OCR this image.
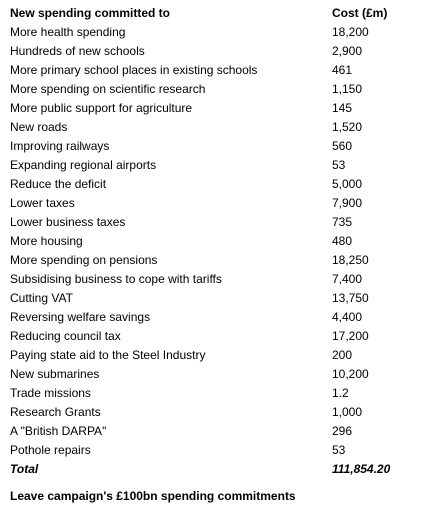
New spending committed to	Cost (£m)
More health spending	18,200
Hundreds of new schools	2,900
More primary school places in existing schools	461
More spending on scientific research	1,150
More public support for agriculture	145
New roads	1,520
Improving railways	560
Expanding regional airports	53
Reduce the deficit	5,000
Lower taxes	7,900
Lower business taxes	735
More housing	480
More spending on pensions	18,250
Subsidising business to cope with tariffs	7,400
Cutting VAT	13,750
Reversing welfare savings	4,400
Reducing council tax	17,200
Paying state aid to the Steel Industry	200
New submarines	10,200
Trade missions	1.2
Research Grants	1,000
A "British DARPA"	296
Pothole repairs	53
Total	111,854.20
Leave campaign's £100bn spending commitments
